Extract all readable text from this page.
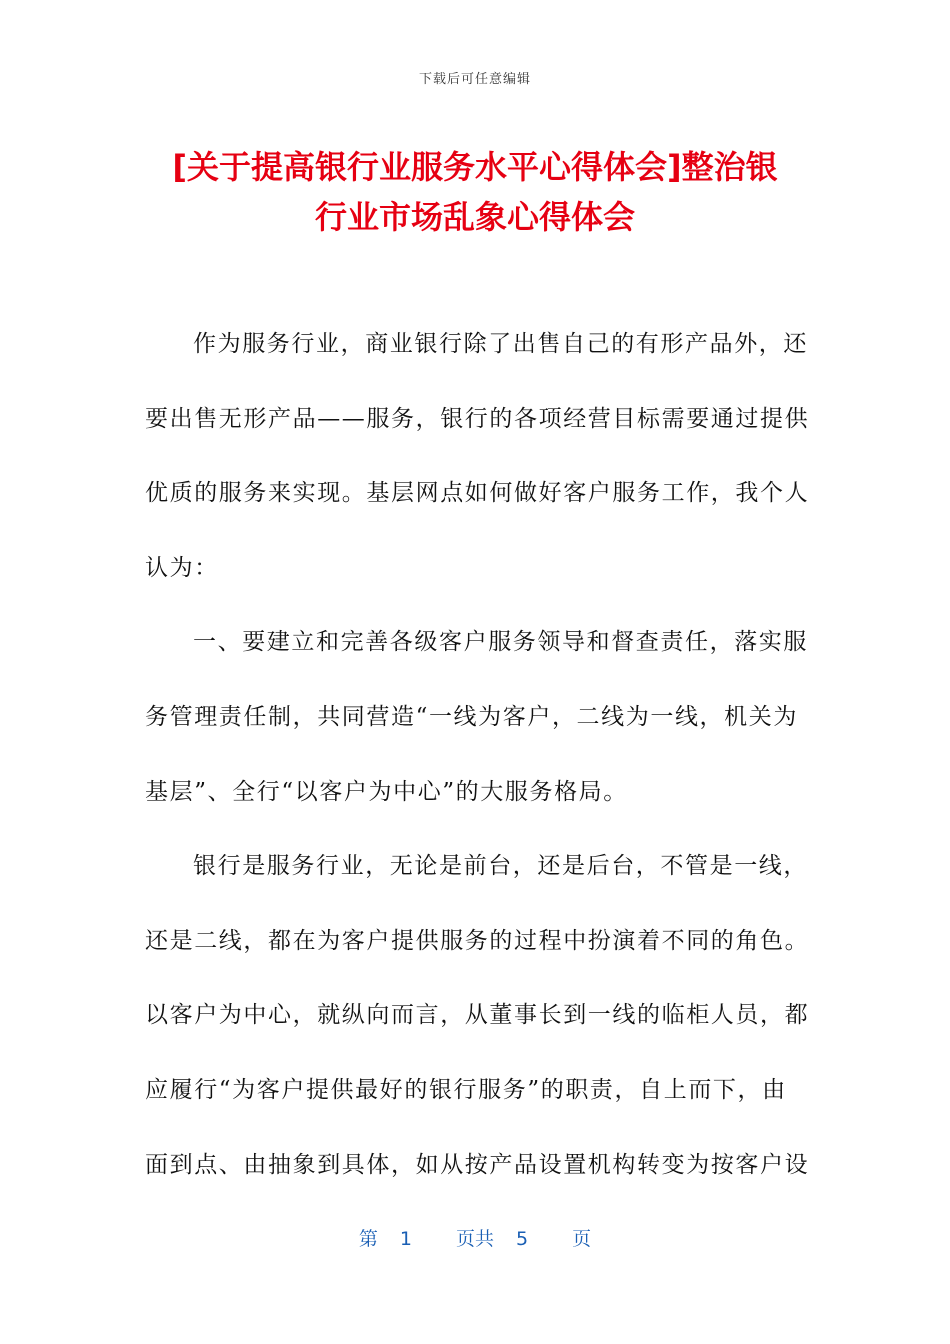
下载后可任意编辑
[关于提高银行业服务水平心得体会]整治银
行业市场乱象心得体会
作为服务行业，商业银行除了出售自己的有形产品外，还
要出售无形产品——服务，银行的各项经营目标需要通过提供
优质的服务来实现。基层网点如何做好客户服务工作，我个人
认为：
一、要建立和完善各级客户服务领导和督查责任，落实服
务管理责任制，共同营造“一线为客户，二线为一线，机关为
基层”、全行“以客户为中心”的大服务格局。
银行是服务行业，无论是前台，还是后台，不管是一线，
还是二线，都在为客户提供服务的过程中扮演着不同的角色。
以客户为中心，就纵向而言，从董事长到一线的临柜人员，都
应履行“为客户提供最好的银行服务”的职责，自上而下，由
面到点、由抽象到具体，如从按产品设置机构转变为按客户设
第 1 页共 5 页
